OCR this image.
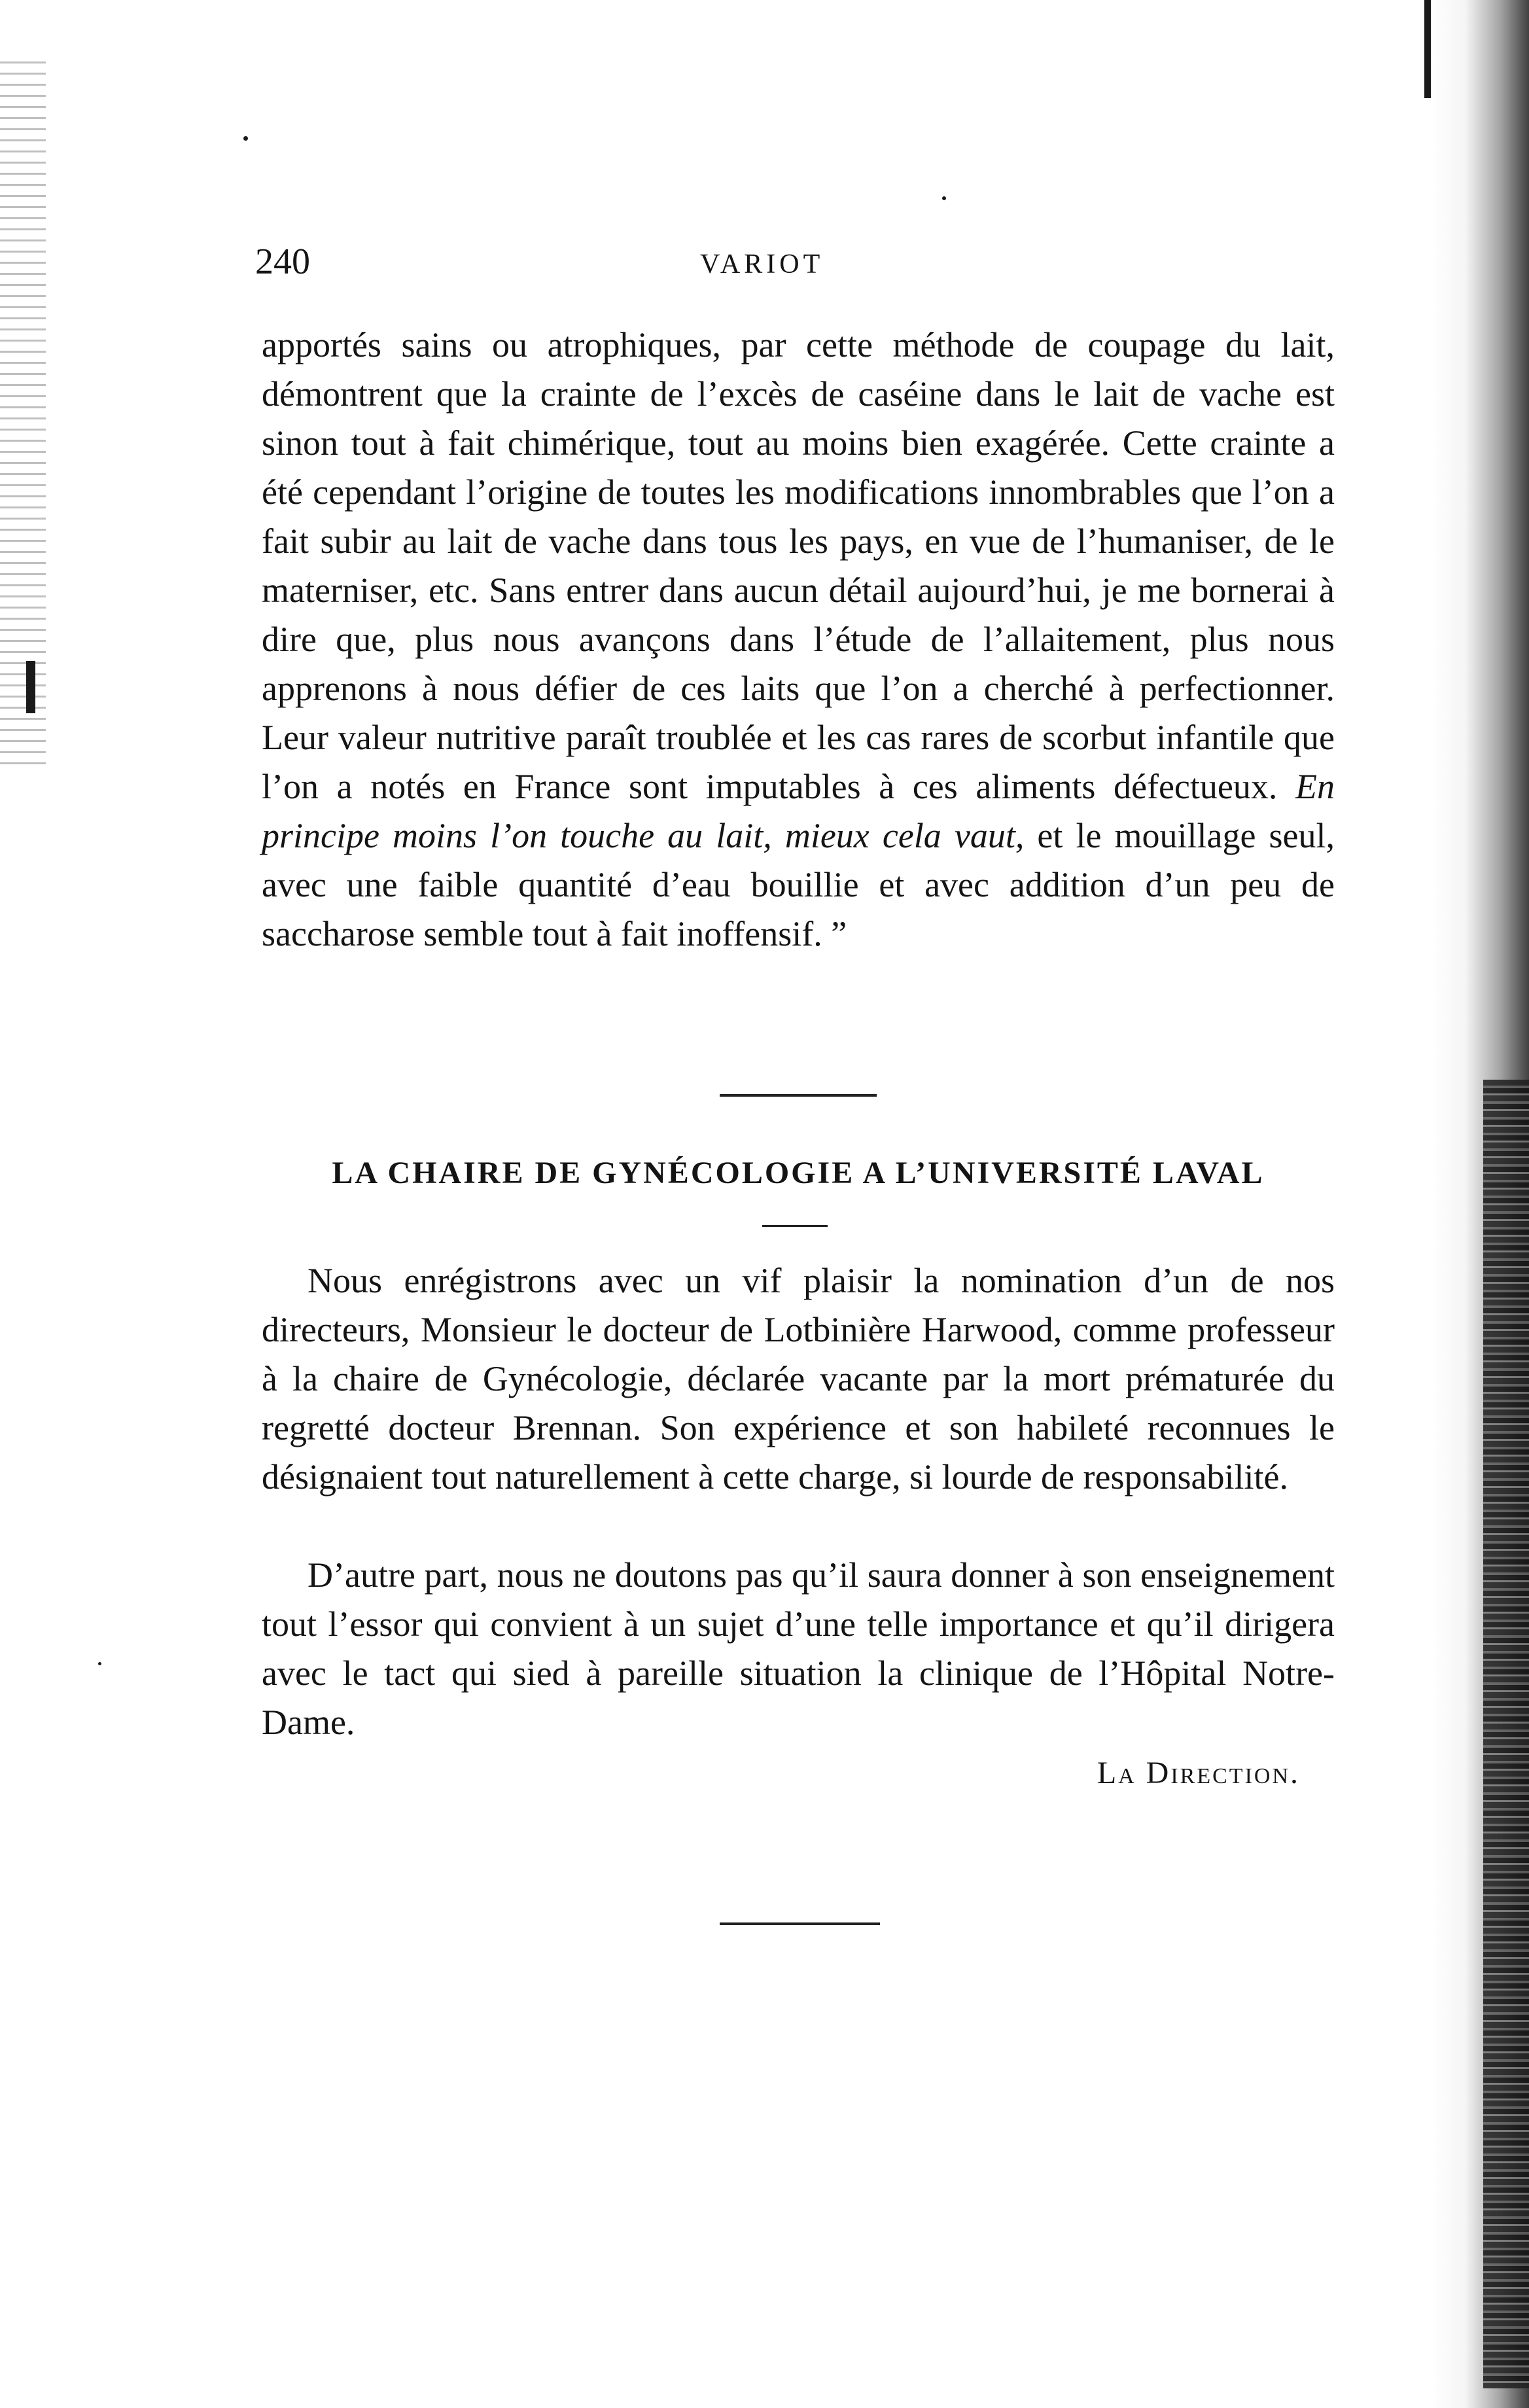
240	VARIOT
apportés sains ou atrophiques, par cette méthode de coupage du lait, démontrent que la crainte de l’excès de caséine dans le lait de vache est sinon tout à fait chimérique, tout au moins bien exagérée. Cette crainte a été cependant l’origine de toutes les modifications innombrables que l’on a fait subir au lait de vache dans tous les pays, en vue de l’humaniser, de le materniser, etc. Sans entrer dans aucun détail aujourd’hui, je me bornerai à dire que, plus nous avançons dans l’étude de l’allaitement, plus nous apprenons à nous défier de ces laits que l’on a cherché à perfectionner. Leur valeur nutritive paraît troublée et les cas rares de scorbut infantile que l’on a notés en France sont imputables à ces aliments défectueux. En principe moins l’on touche au lait, mieux cela vaut, et le mouillage seul, avec une faible quantité d’eau bouillie et avec addition d’un peu de saccharose semble tout à fait inoffensif. ”
LA CHAIRE DE GYNÉCOLOGIE A L’UNIVERSITÉ LAVAL
Nous enrégistrons avec un vif plaisir la nomination d’un de nos directeurs, Monsieur le docteur de Lotbinière Harwood, comme professeur à la chaire de Gynécologie, déclarée vacante par la mort prématurée du regretté docteur Brennan. Son expérience et son habileté reconnues le désignaient tout naturellement à cette charge, si lourde de responsabilité.
D’autre part, nous ne doutons pas qu’il saura donner à son enseignement tout l’essor qui convient à un sujet d’une telle importance et qu’il dirigera avec le tact qui sied à pareille situation la clinique de l’Hôpital Notre-Dame.
La Direction.
